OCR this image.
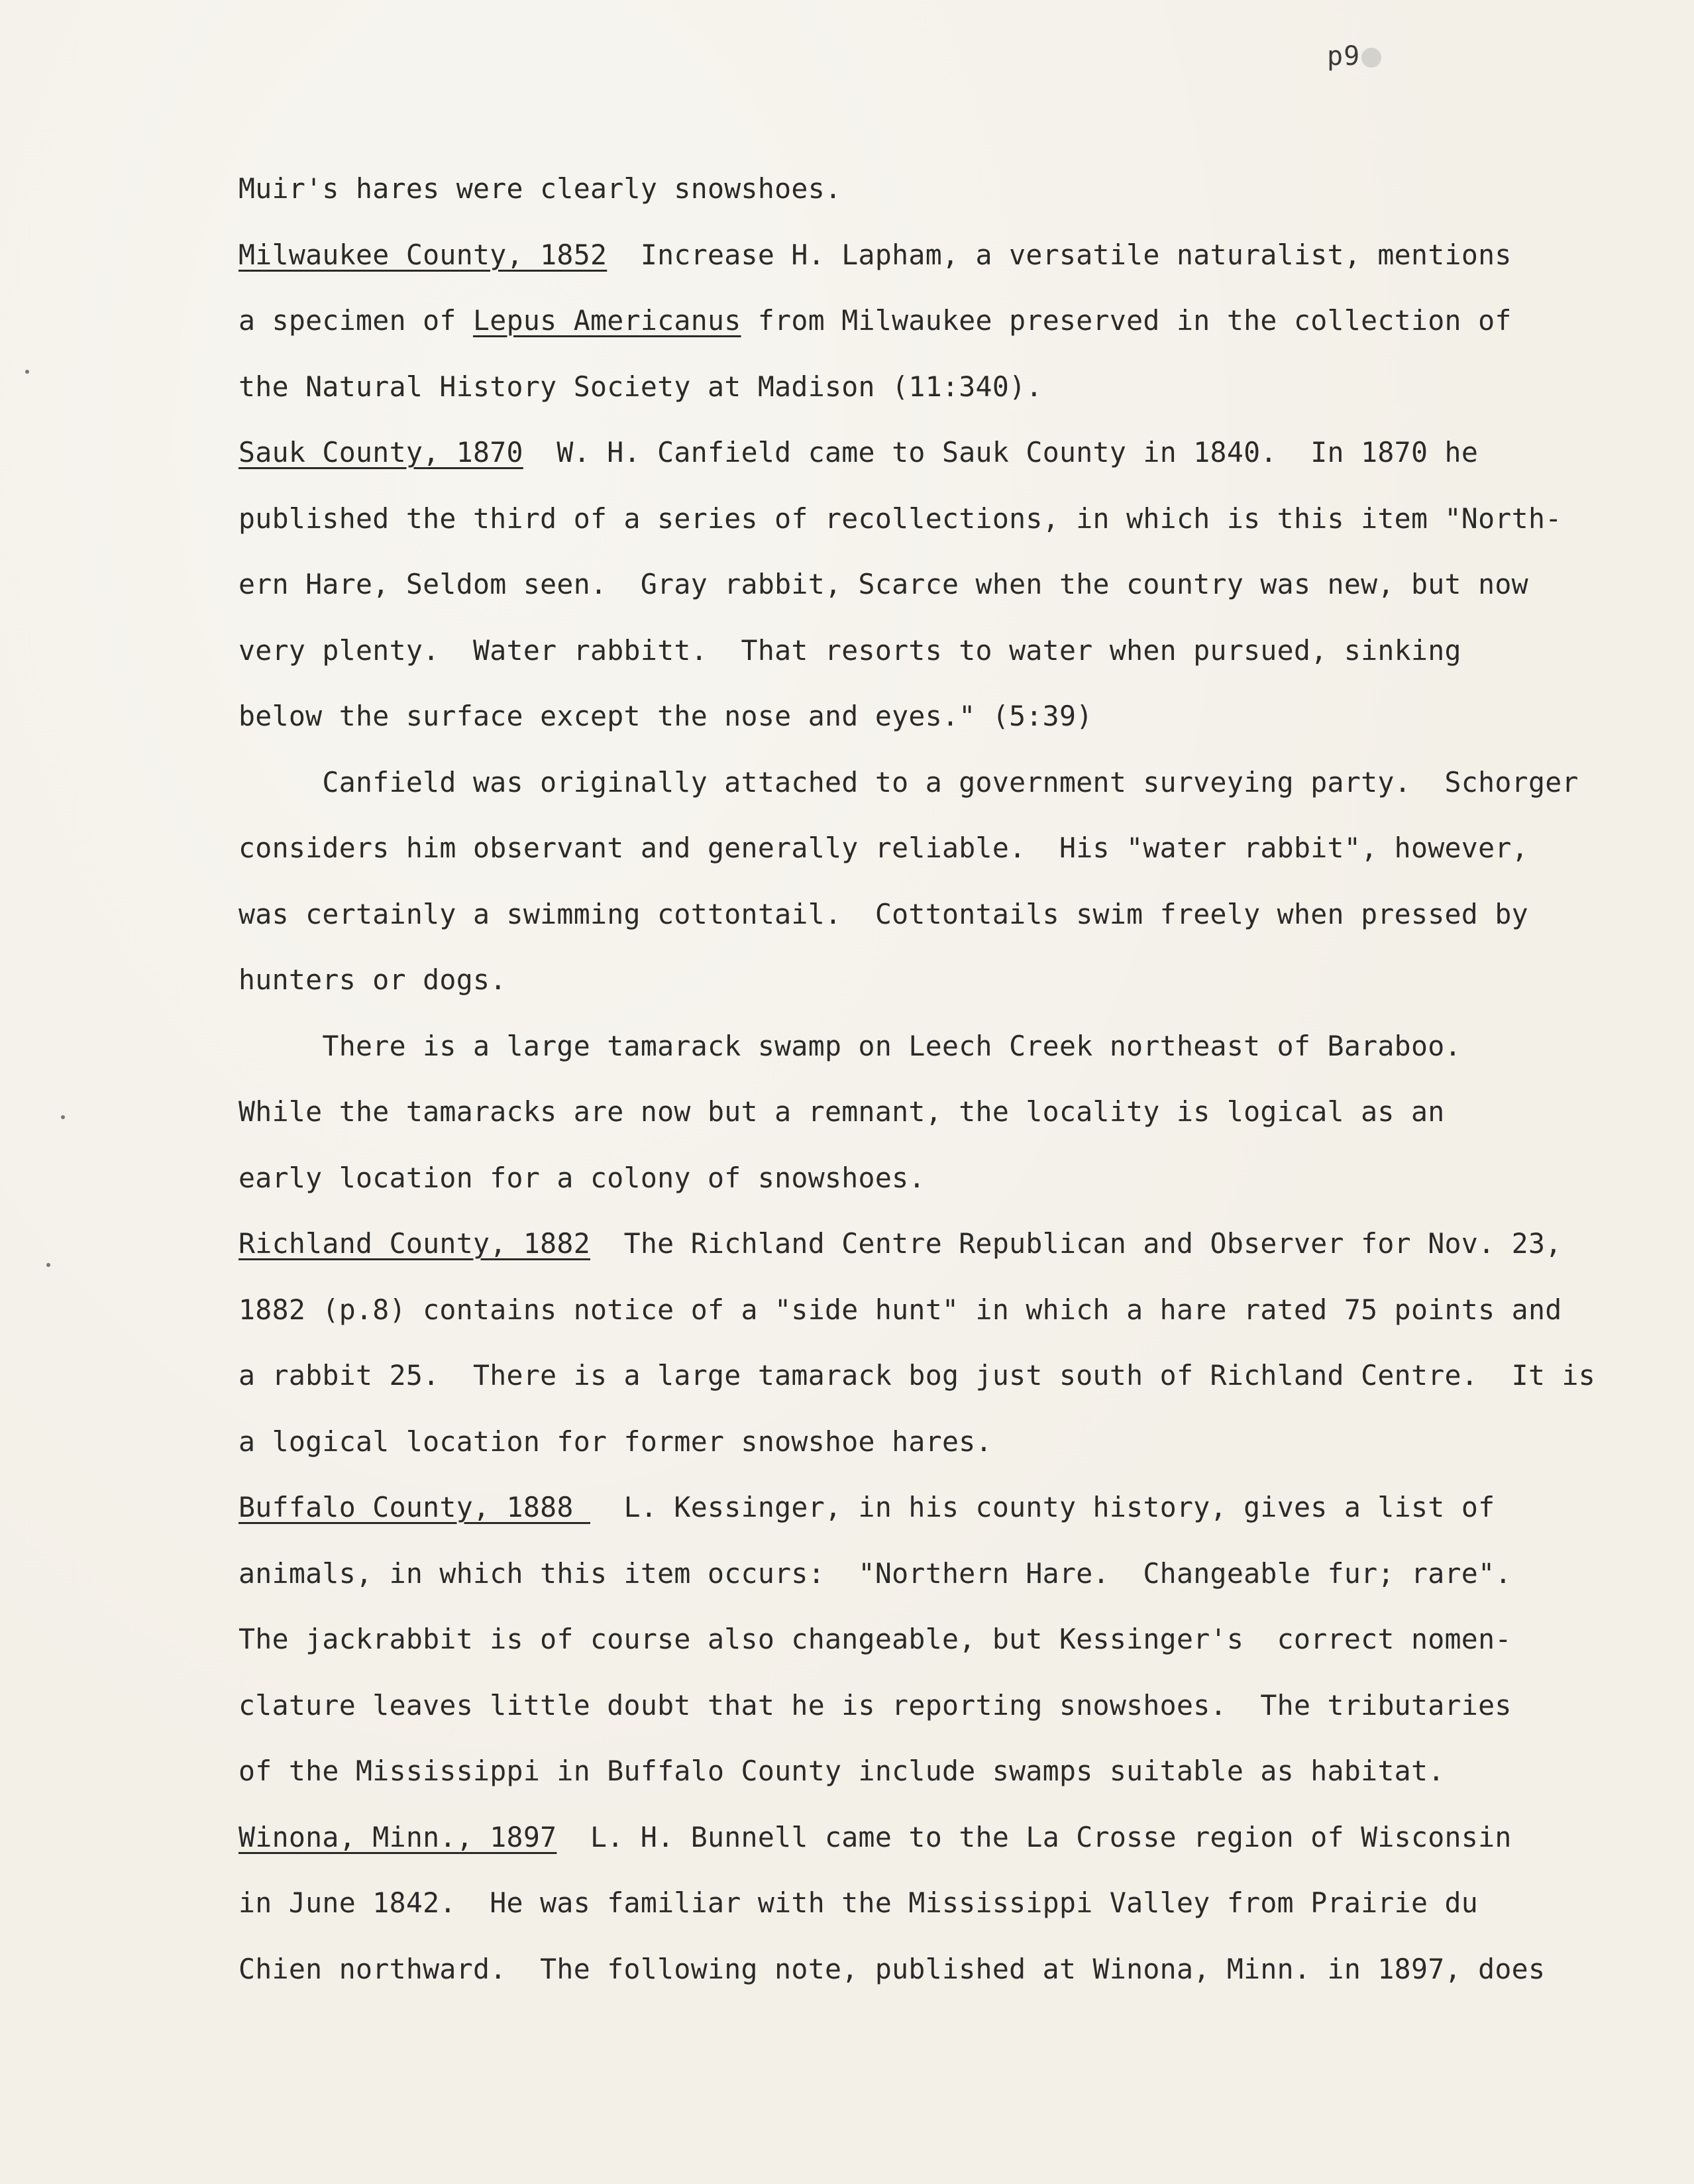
p9
Muir's hares were clearly snowshoes.
Milwaukee County, 1852  Increase H. Lapham, a versatile naturalist, mentions
a specimen of Lepus Americanus from Milwaukee preserved in the collection of
the Natural History Society at Madison (11:340).
Sauk County, 1870  W. H. Canfield came to Sauk County in 1840.  In 1870 he
published the third of a series of recollections, in which is this item "North-
ern Hare, Seldom seen.  Gray rabbit, Scarce when the country was new, but now
very plenty.  Water rabbitt.  That resorts to water when pursued, sinking
below the surface except the nose and eyes." (5:39)
Canfield was originally attached to a government surveying party.  Schorger
considers him observant and generally reliable.  His "water rabbit", however,
was certainly a swimming cottontail.  Cottontails swim freely when pressed by
hunters or dogs.
There is a large tamarack swamp on Leech Creek northeast of Baraboo.
While the tamaracks are now but a remnant, the locality is logical as an
early location for a colony of snowshoes.
Richland County, 1882  The Richland Centre Republican and Observer for Nov. 23,
1882 (p.8) contains notice of a "side hunt" in which a hare rated 75 points and
a rabbit 25.  There is a large tamarack bog just south of Richland Centre.  It is
a logical location for former snowshoe hares.
Buffalo County, 1888   L. Kessinger, in his county history, gives a list of
animals, in which this item occurs:  "Northern Hare.  Changeable fur; rare".
The jackrabbit is of course also changeable, but Kessinger's  correct nomen-
clature leaves little doubt that he is reporting snowshoes.  The tributaries
of the Mississippi in Buffalo County include swamps suitable as habitat.
Winona, Minn., 1897  L. H. Bunnell came to the La Crosse region of Wisconsin
in June 1842.  He was familiar with the Mississippi Valley from Prairie du
Chien northward.  The following note, published at Winona, Minn. in 1897, does
